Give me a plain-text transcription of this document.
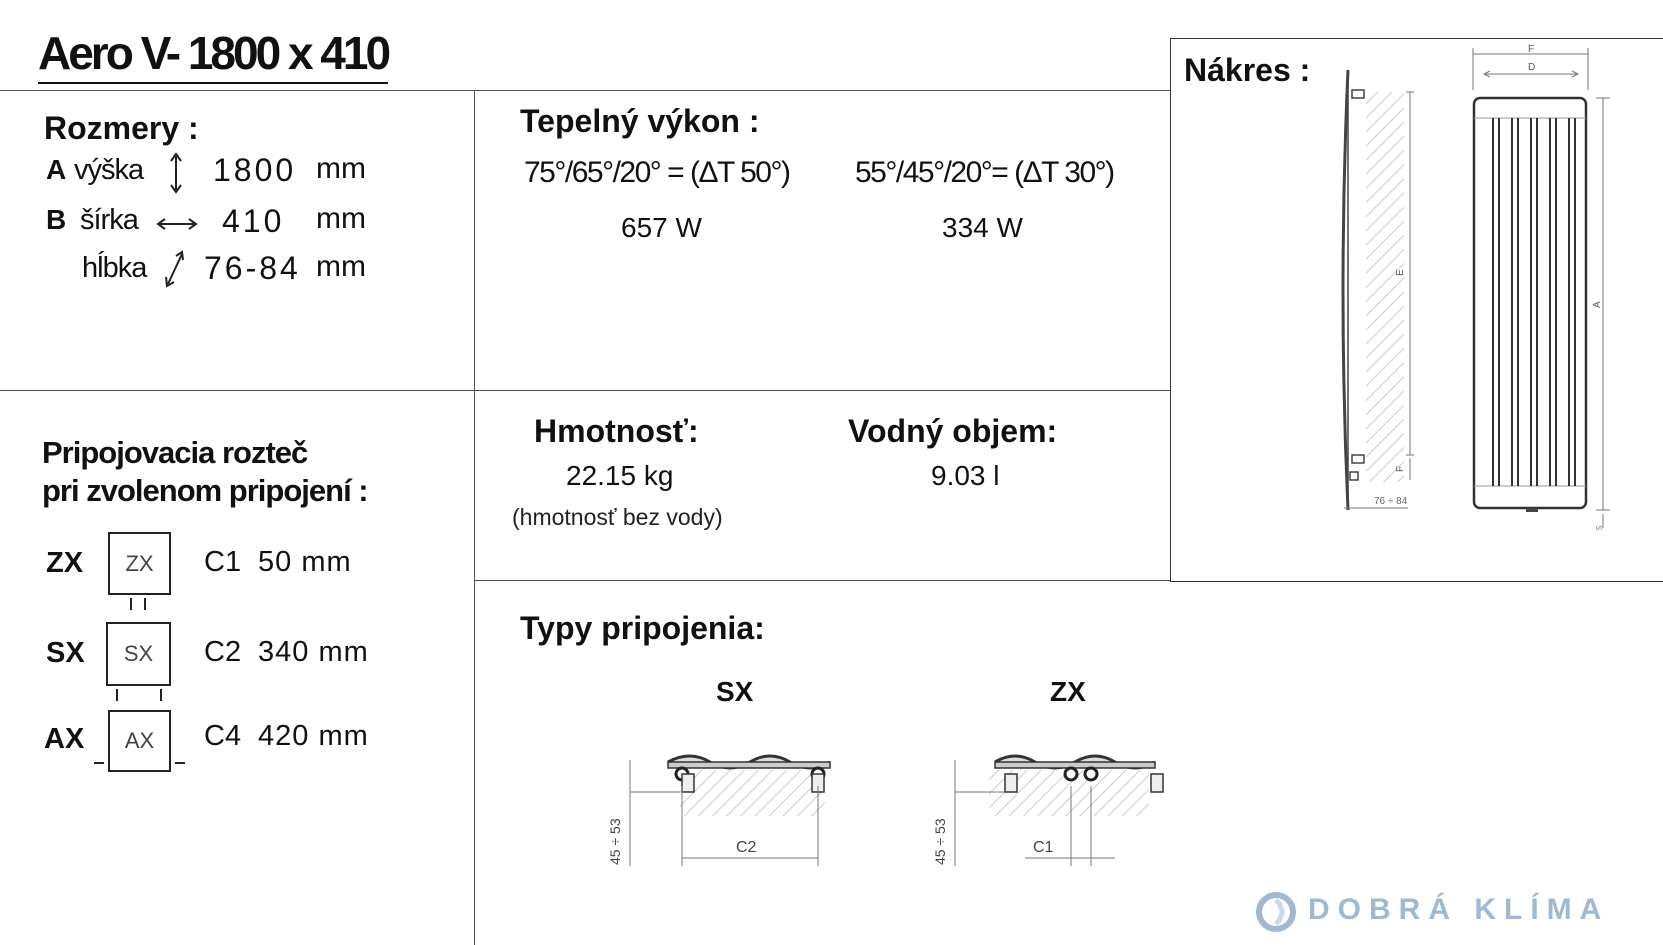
Aero V- 1800 x 410
Rozmery :
A výška 1800 mm
B šírka	410 mm
hĺbka 76-84 mm
Tepelný výkon :
75°/65°/20° = (ΔT 50°) 55°/45°/20°= (ΔT 30°)
657 W	334 W
Hmotnosť:
22.15 kg
(hmotnosť bez vody)
Vodný objem:
9.03 l
Nákres :
E
F
76 ÷ 84
F
D
A
5
Pripojovacia rozteč
pri zvolenom pripojení :
ZX	ZX	C1 50 mm
SX	SX	C2 340 mm
AX	AX	C4 420 mm
Typy pripojenia:
SX	ZX
45 ÷ 53	C2	45 ÷ 53	C1
DOBRÁ KLÍMA
